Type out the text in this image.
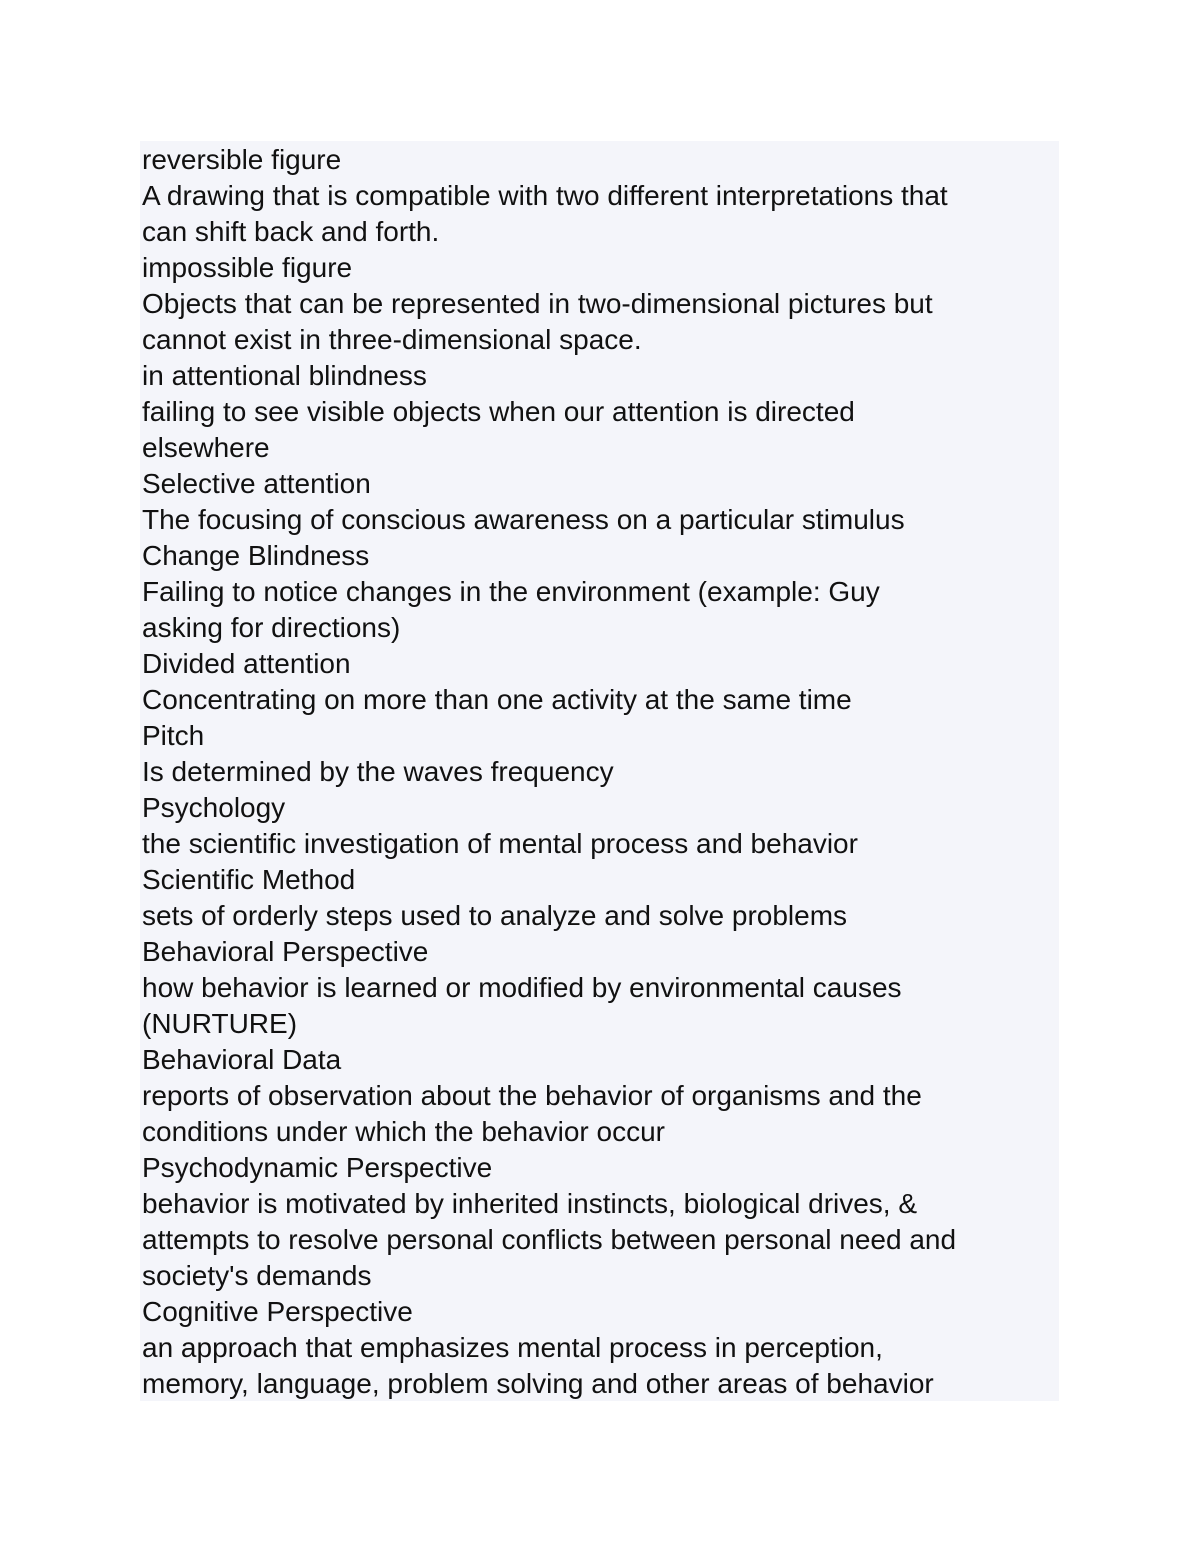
reversible figure
A drawing that is compatible with two different interpretations that
can shift back and forth.
impossible figure
Objects that can be represented in two-dimensional pictures but
cannot exist in three-dimensional space.
in attentional blindness
failing to see visible objects when our attention is directed
elsewhere
Selective attention
The focusing of conscious awareness on a particular stimulus
Change Blindness
Failing to notice changes in the environment (example: Guy
asking for directions)
Divided attention
Concentrating on more than one activity at the same time
Pitch
Is determined by the waves frequency
Psychology
the scientific investigation of mental process and behavior
Scientific Method
sets of orderly steps used to analyze and solve problems
Behavioral Perspective
how behavior is learned or modified by environmental causes
(NURTURE)
Behavioral Data
reports of observation about the behavior of organisms and the
conditions under which the behavior occur
Psychodynamic Perspective
behavior is motivated by inherited instincts, biological drives, &
attempts to resolve personal conflicts between personal need and
society's demands
Cognitive Perspective
an approach that emphasizes mental process in perception,
memory, language, problem solving and other areas of behavior
